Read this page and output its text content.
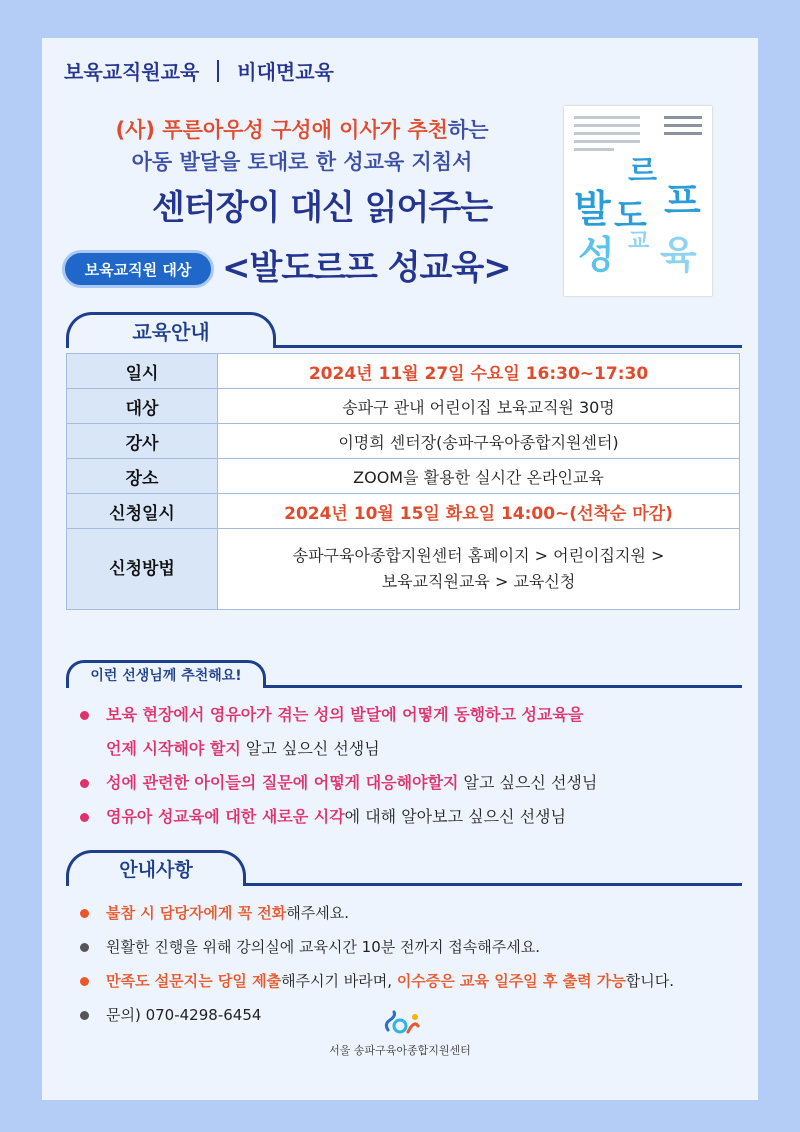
보육교직원교육 비대면교육
(사) 푸른아우성 구성애 이사가 추천하는
아동 발달을 토대로 한 성교육 지침서
센터장이 대신 읽어주는
보육교직원 대상 <발도르프 성교육>
발 도
르
프
성 교 육
교육안내
일시	2024년 11월 27일 수요일 16:30~17:30
대상	송파구 관내 어린이집 보육교직원 30명
강사	이명희 센터장(송파구육아종합지원센터)
장소	ZOOM을 활용한 실시간 온라인교육
신청일시	2024년 10월 15일 화요일 14:00~(선착순 마감)
신청방법	송파구육아종합지원센터 홈페이지 > 어린이집지원 >
보육교직원교육 > 교육신청
이런 선생님께 추천해요!
보육 현장에서 영유아가 겪는 성의 발달에 어떻게 동행하고 성교육을
언제 시작해야 할지 알고 싶으신 선생님
성에 관련한 아이들의 질문에 어떻게 대응해야할지 알고 싶으신 선생님
영유아 성교육에 대한 새로운 시각에 대해 알아보고 싶으신 선생님
안내사항
불참 시 담당자에게 꼭 전화해주세요.
원활한 진행을 위해 강의실에 교육시간 10분 전까지 접속해주세요.
만족도 설문지는 당일 제출해주시기 바라며, 이수증은 교육 일주일 후 출력 가능합니다.
문의) 070-4298-6454
서울 송파구육아종합지원센터
